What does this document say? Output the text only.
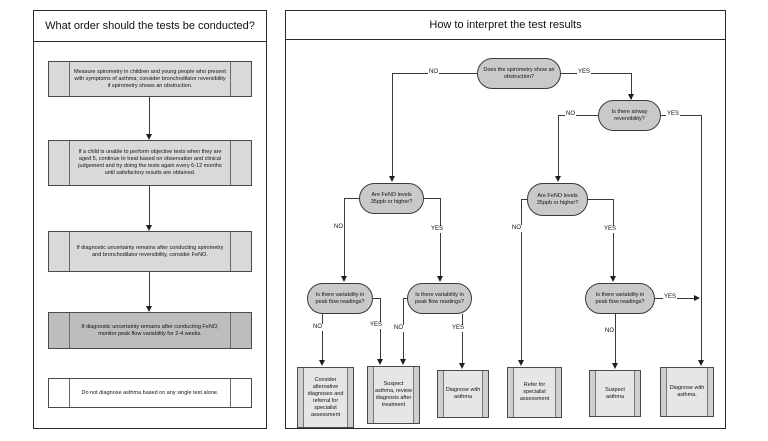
What order should the tests be conducted?
Measure spirometry in children and young people who present with symptoms of asthma; consider bronchodilator reversibility if spirometry shows an obstruction.
If a child is unable to perform objective tests when they are aged 5, continue to treat based on observation and clinical judgement and try doing the tests again every 6-12 months until satisfactory results are obtained.
If diagnostic uncertainty remains after conducting spirometry and bronchodilator reversibility, consider FeNO.
If diagnostic uncertainty remains after conducting FeNO, monitor peak flow variability for 2-4 weeks.
Do not diagnose asthma based on any single test alone.
How to interpret the test results
Does the spirometry show an obstruction?
Is there airway reversibility?
Are FeNO levels 35ppb or higher?
Are FeNO levels 35ppb or higher?
Is there variability in peak flow readings?
Is there variability in peak flow readings?
Is there variability in peak flow readings?
NO	YES
NO	YES
NO	YES	NO	YES
NO	YES NO	YES	NO
YES
Consider alternative diagnoses and referral for specialist assessment
Suspect asthma, review diagnosis after treatment
Diagnose with asthma
Refer for specialist assessment
Suspect asthma
Diagnose with asthma.
